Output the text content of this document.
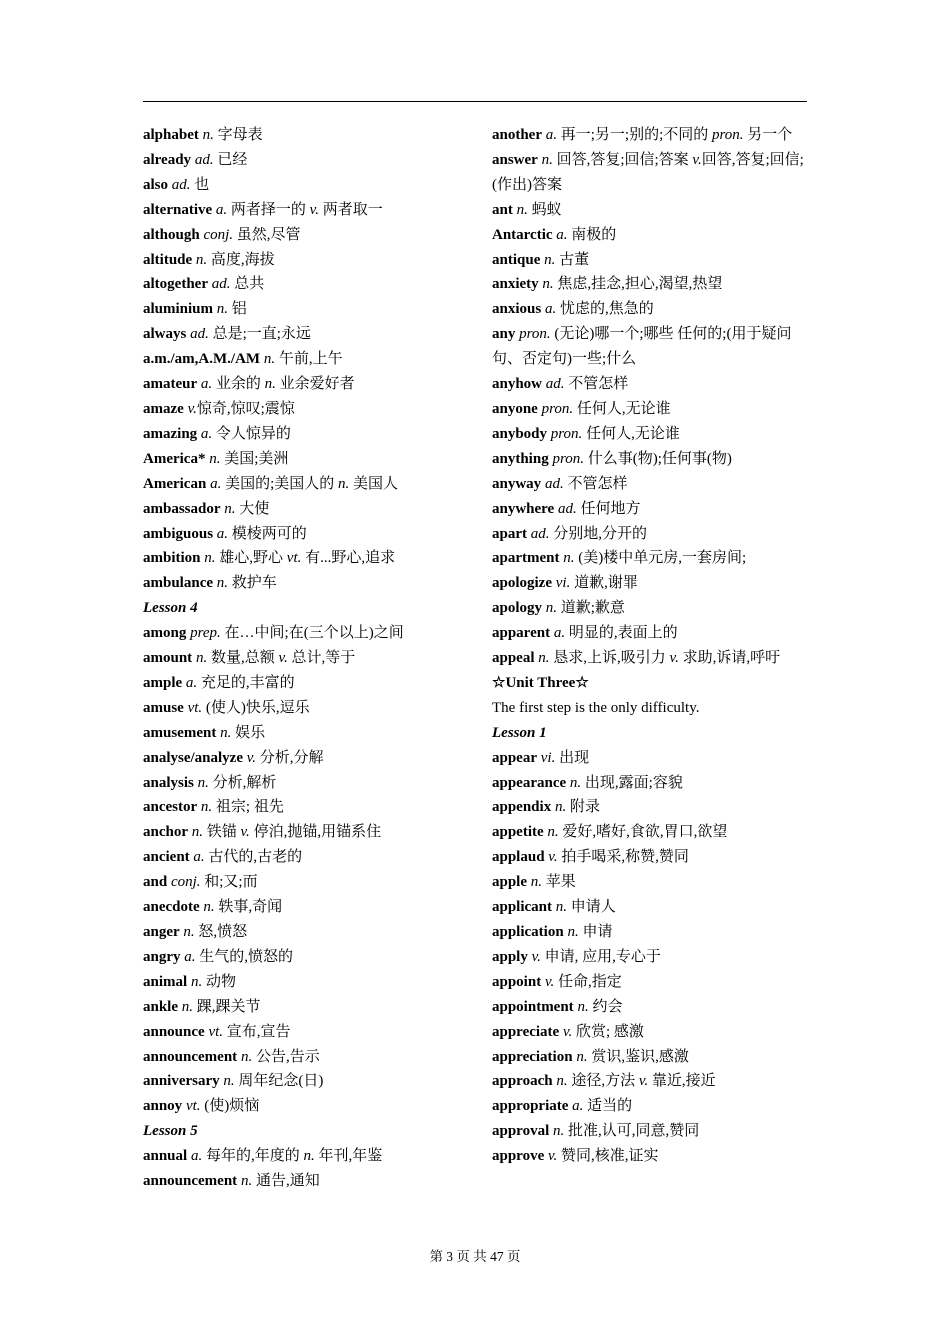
alphabet n. 字母表
already ad. 已经
also ad. 也
alternative a. 两者择一的 v. 两者取一
although conj. 虽然,尽管
altitude n. 高度,海拔
altogether ad. 总共
aluminium n. 铝
always ad. 总是;一直;永远
a.m./am,A.M./AM n. 午前,上午
amateur a. 业余的 n. 业余爱好者
amaze v.惊奇,惊叹;震惊
amazing a. 令人惊异的
America* n. 美国;美洲
American a. 美国的;美国人的 n. 美国人
ambassador n. 大使
ambiguous a. 模棱两可的
ambition n. 雄心,野心 vt. 有...野心,追求
ambulance n. 救护车
Lesson 4
among prep. 在…中间;在(三个以上)之间
amount n. 数量,总额 v. 总计,等于
ample a. 充足的,丰富的
amuse vt. (使人)快乐,逗乐
amusement n. 娱乐
analyse/analyze v. 分析,分解
analysis n. 分析,解析
ancestor n. 祖宗; 祖先
anchor n. 铁锚 v. 停泊,抛锚,用锚系住
ancient a. 古代的,古老的
and conj. 和;又;而
anecdote n. 轶事,奇闻
anger n. 怒,愤怒
angry a. 生气的,愤怒的
animal n. 动物
ankle n. 踝,踝关节
announce vt. 宣布,宣告
announcement n. 公告,告示
anniversary n. 周年纪念(日)
annoy vt. (使)烦恼
Lesson 5
annual a. 每年的,年度的 n. 年刊,年鉴
announcement n. 通告,通知
another a. 再一;另一;别的;不同的 pron. 另一个
answer n. 回答,答复;回信;答案 v.回答,答复;回信;(作出)答案
ant n. 蚂蚁
Antarctic a. 南极的
antique n. 古董
anxiety n. 焦虑,挂念,担心,渴望,热望
anxious a. 忧虑的,焦急的
any pron. (无论)哪一个;哪些 任何的;(用于疑问句、否定句)一些;什么
anyhow ad. 不管怎样
anyone pron. 任何人,无论谁
anybody pron. 任何人,无论谁
anything pron. 什么事(物);任何事(物)
anyway ad. 不管怎样
anywhere ad. 任何地方
apart ad. 分别地,分开的
apartment n. (美)楼中单元房,一套房间;
apologize vi. 道歉,谢罪
apology n. 道歉;歉意
apparent a. 明显的,表面上的
appeal n. 恳求,上诉,吸引力 v. 求助,诉请,呼吁
☆Unit Three☆
The first step is the only difficulty.
Lesson 1
appear vi. 出现
appearance n. 出现,露面;容貌
appendix n. 附录
appetite n. 爱好,嗜好,食欲,胃口,欲望
applaud v. 拍手喝采,称赞,赞同
apple n. 苹果
applicant n. 申请人
application n. 申请
apply v. 申请, 应用,专心于
appoint v. 任命,指定
appointment n. 约会
appreciate v. 欣赏; 感激
appreciation n. 赏识,鉴识,感激
approach n. 途径,方法 v. 靠近,接近
appropriate a. 适当的
approval n. 批准,认可,同意,赞同
approve v. 赞同,核准,证实
第 3 页 共 47 页
